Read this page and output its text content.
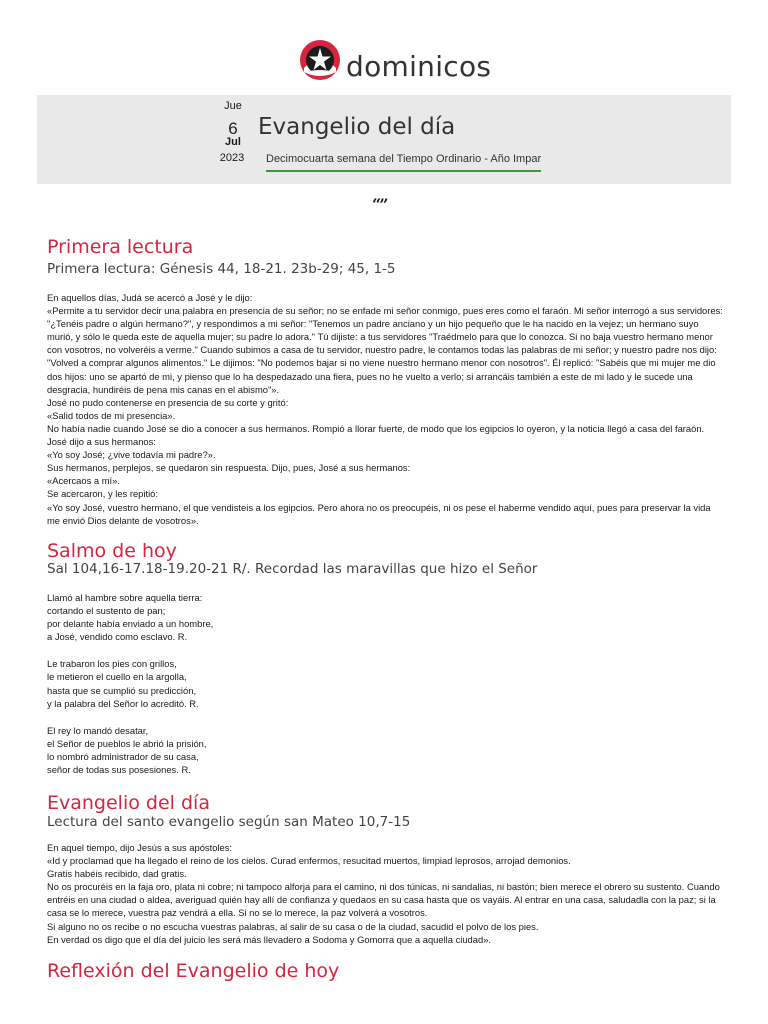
dominicos
Jue
6
Jul
2023
Evangelio del día
Decimocuarta semana del Tiempo Ordinario - Año Impar
“”
Primera lectura
Primera lectura: Génesis 44, 18-21. 23b-29; 45, 1-5

En aquellos días, Judá se acercó a José y le dijo:

«Permite a tu servidor decir una palabra en presencia de su señor; no se enfade mi señor conmigo, pues eres como el faraón. Mi señor interrogó a sus servidores: "¿Tenéis padre o algún hermano?", y respondimos a mi señor: "Tenemos un padre anciano y un hijo pequeño que le ha nacido en la vejez; un hermano suyo murió, y sólo le queda este de aquella mujer; su padre lo adora." Tú dijiste: a tus servidores "Traédmelo para que lo conozca. Si no baja vuestro hermano menor con vosotros, no volveréis a verme." Cuando subimos a casa de tu servidor, nuestro padre, le contamos todas las palabras de mi señor; y nuestro padre nos dijo: "Volved a comprar algunos alimentos." Le dijimos: "No podemos bajar si no viene nuestro hermano menor con nosotros". Él replicó: "Sabéis que mi mujer me dio dos hijos: uno se apartó de mi, y pienso que lo ha despedazado una fiera, pues no he vuelto a verlo; si arrancáis también a este de mi lado y le sucede una desgracia, hundiréis de pena mis canas en el abismo"».

José no pudo contenerse en presencia de su corte y gritó:

«Salid todos de mi presencia».

No había nadie cuando José se dio a conocer a sus hermanos. Rompió a llorar fuerte, de modo que los egipcios lo oyeron, y la noticia llegó a casa del faraón. José dijo a sus hermanos:

«Yo soy José; ¿vive todavía mi padre?».

Sus hermanos, perplejos, se quedaron sin respuesta. Dijo, pues, José a sus hermanos:

«Acercaos a mí».

Se acercaron, y les repitió:

«Yo soy José, vuestro hermano, el que vendisteis a los egipcios. Pero ahora no os preocupéis, ni os pese el haberme vendido aquí, pues para preservar la vida me envió Dios delante de vosotros».

Salmo de hoy
Sal 104,16-17.18-19.20-21 R/. Recordad las maravillas que hizo el Señor

Llamó al hambre sobre aquella tierra:
cortando el sustento de pan;
por delante había enviado a un hombre,
a José, vendido como esclavo. R.

Le trabaron los pies con grillos,
le metieron el cuello en la argolla,
hasta que se cumplió su predicción,
y la palabra del Señor lo acreditó. R.

El rey lo mandó desatar,
el Señor de pueblos le abrió la prisión,
lo nombró administrador de su casa,
señor de todas sus posesiones. R.

Evangelio del día
Lectura del santo evangelio según san Mateo 10,7-15

En aquel tiempo, dijo Jesús a sus apóstoles:

«Id y proclamad que ha llegado el reino de los cielos. Curad enfermos, resucitad muertos, limpiad leprosos, arrojad demonios.

Gratis habéis recibido, dad gratis.

No os procuréis en la faja oro, plata ni cobre; ni tampoco alforja para el camino, ni dos túnicas, ni sandalias, ni bastón; bien merece el obrero su sustento. Cuando entréis en una ciudad o aldea, averiguad quién hay allí de confianza y quedaos en su casa hasta que os vayáis. Al entrar en una casa, saludadla con la paz; si la casa se lo merece, vuestra paz vendrá a ella. Si no se lo merece, la paz volverá a vosotros.

Si alguno no os recibe o no escucha vuestras palabras, al salir de su casa o de la ciudad, sacudid el polvo de los pies.

En verdad os digo que el día del juicio les será más llevadero a Sodoma y Gomorra que a aquella ciudad».

Reflexión del Evangelio de hoy
